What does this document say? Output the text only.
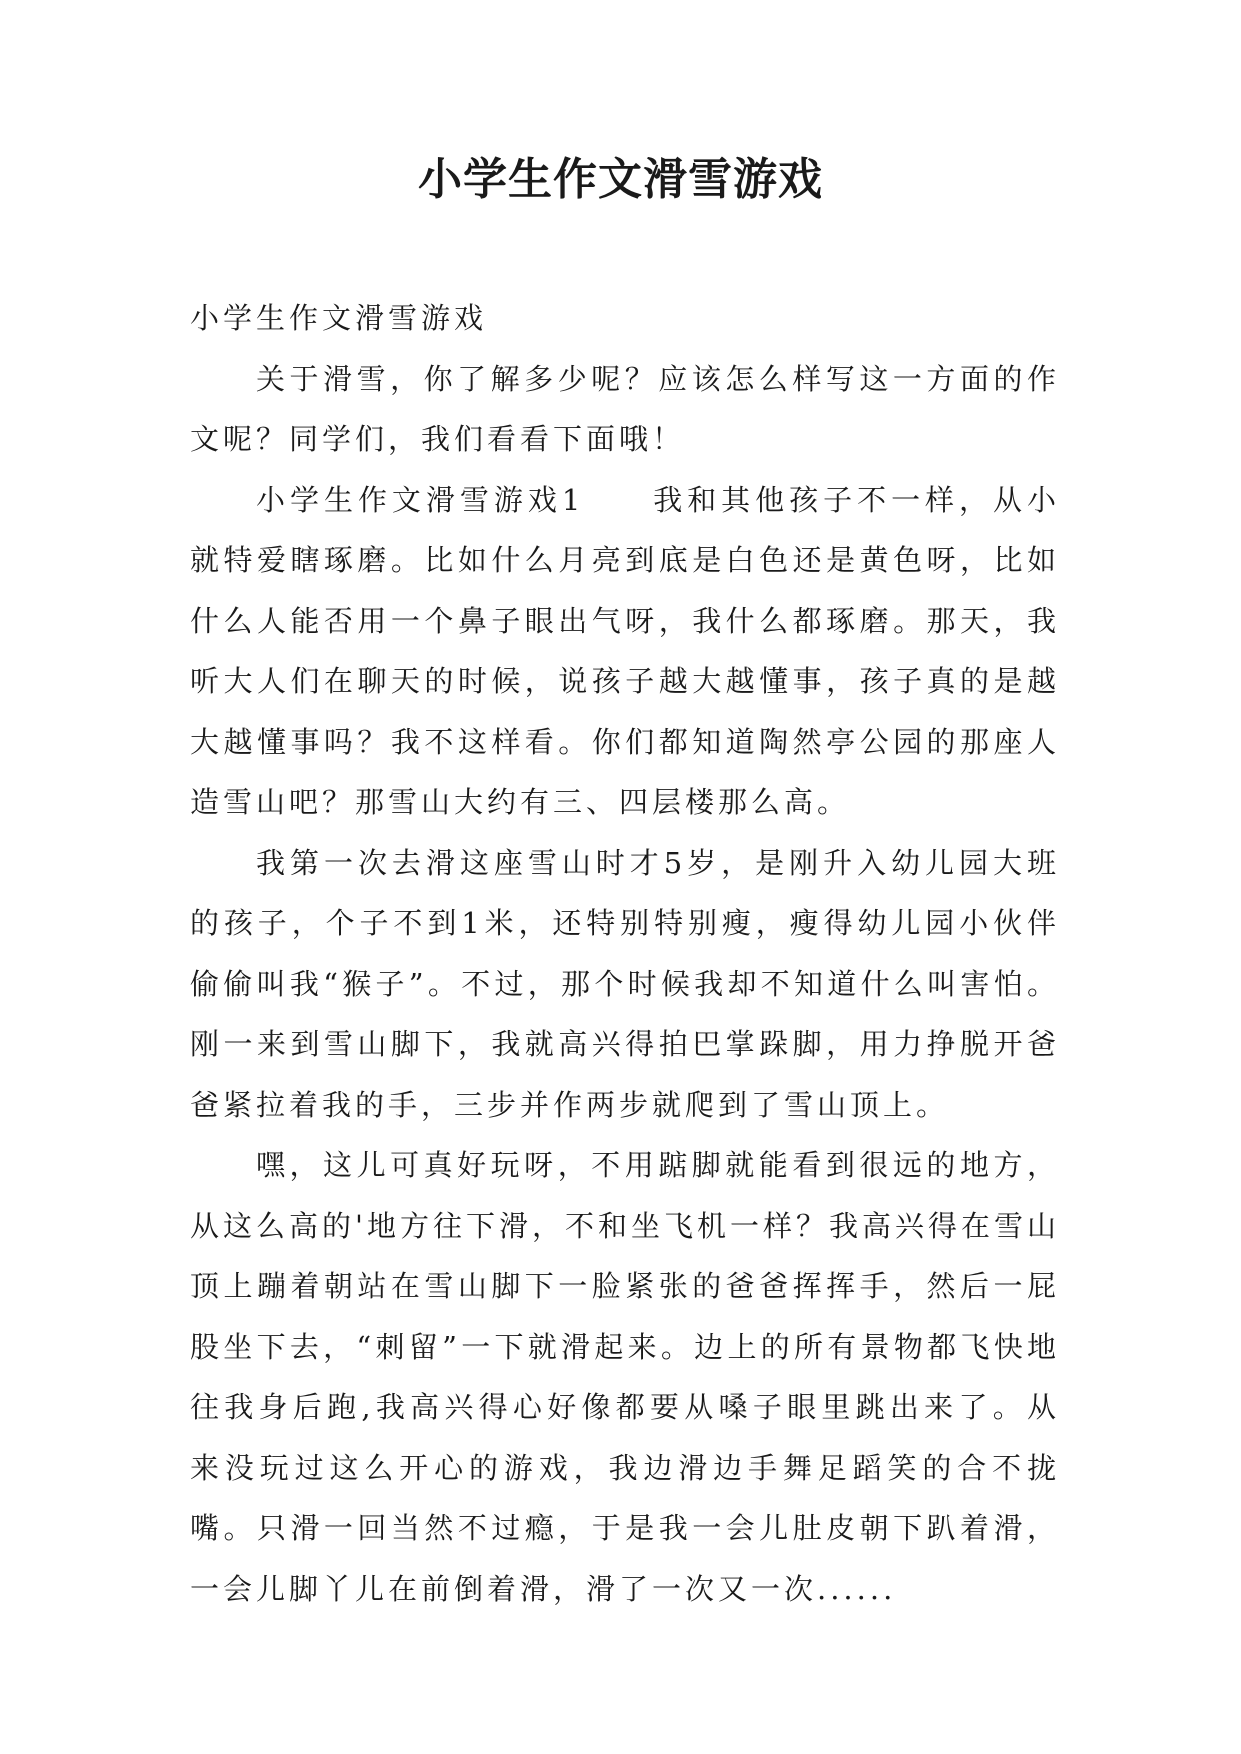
小学生作文滑雪游戏

小学生作文滑雪游戏

关于滑雪，你了解多少呢？应该怎么样写这一方面的作文呢？同学们，我们看看下面哦！

小学生作文滑雪游戏1　　我和其他孩子不一样，从小就特爱瞎琢磨。比如什么月亮到底是白色还是黄色呀，比如什么人能否用一个鼻子眼出气呀，我什么都琢磨。那天，我听大人们在聊天的时候，说孩子越大越懂事，孩子真的是越大越懂事吗？我不这样看。你们都知道陶然亭公园的那座人造雪山吧？那雪山大约有三、四层楼那么高。

我第一次去滑这座雪山时才5岁，是刚升入幼儿园大班的孩子，个子不到1米，还特别特别瘦，瘦得幼儿园小伙伴偷偷叫我“猴子”。不过，那个时候我却不知道什么叫害怕。刚一来到雪山脚下，我就高兴得拍巴掌跺脚，用力挣脱开爸爸紧拉着我的手，三步并作两步就爬到了雪山顶上。

嘿，这儿可真好玩呀，不用踮脚就能看到很远的地方，从这么高的'地方往下滑，不和坐飞机一样？我高兴得在雪山顶上蹦着朝站在雪山脚下一脸紧张的爸爸挥挥手，然后一屁股坐下去，“刺留”一下就滑起来。边上的所有景物都飞快地往我身后跑,我高兴得心好像都要从嗓子眼里跳出来了。从来没玩过这么开心的游戏，我边滑边手舞足蹈笑的合不拢嘴。只滑一回当然不过瘾，于是我一会儿肚皮朝下趴着滑，一会儿脚丫儿在前倒着滑，滑了一次又一次......
